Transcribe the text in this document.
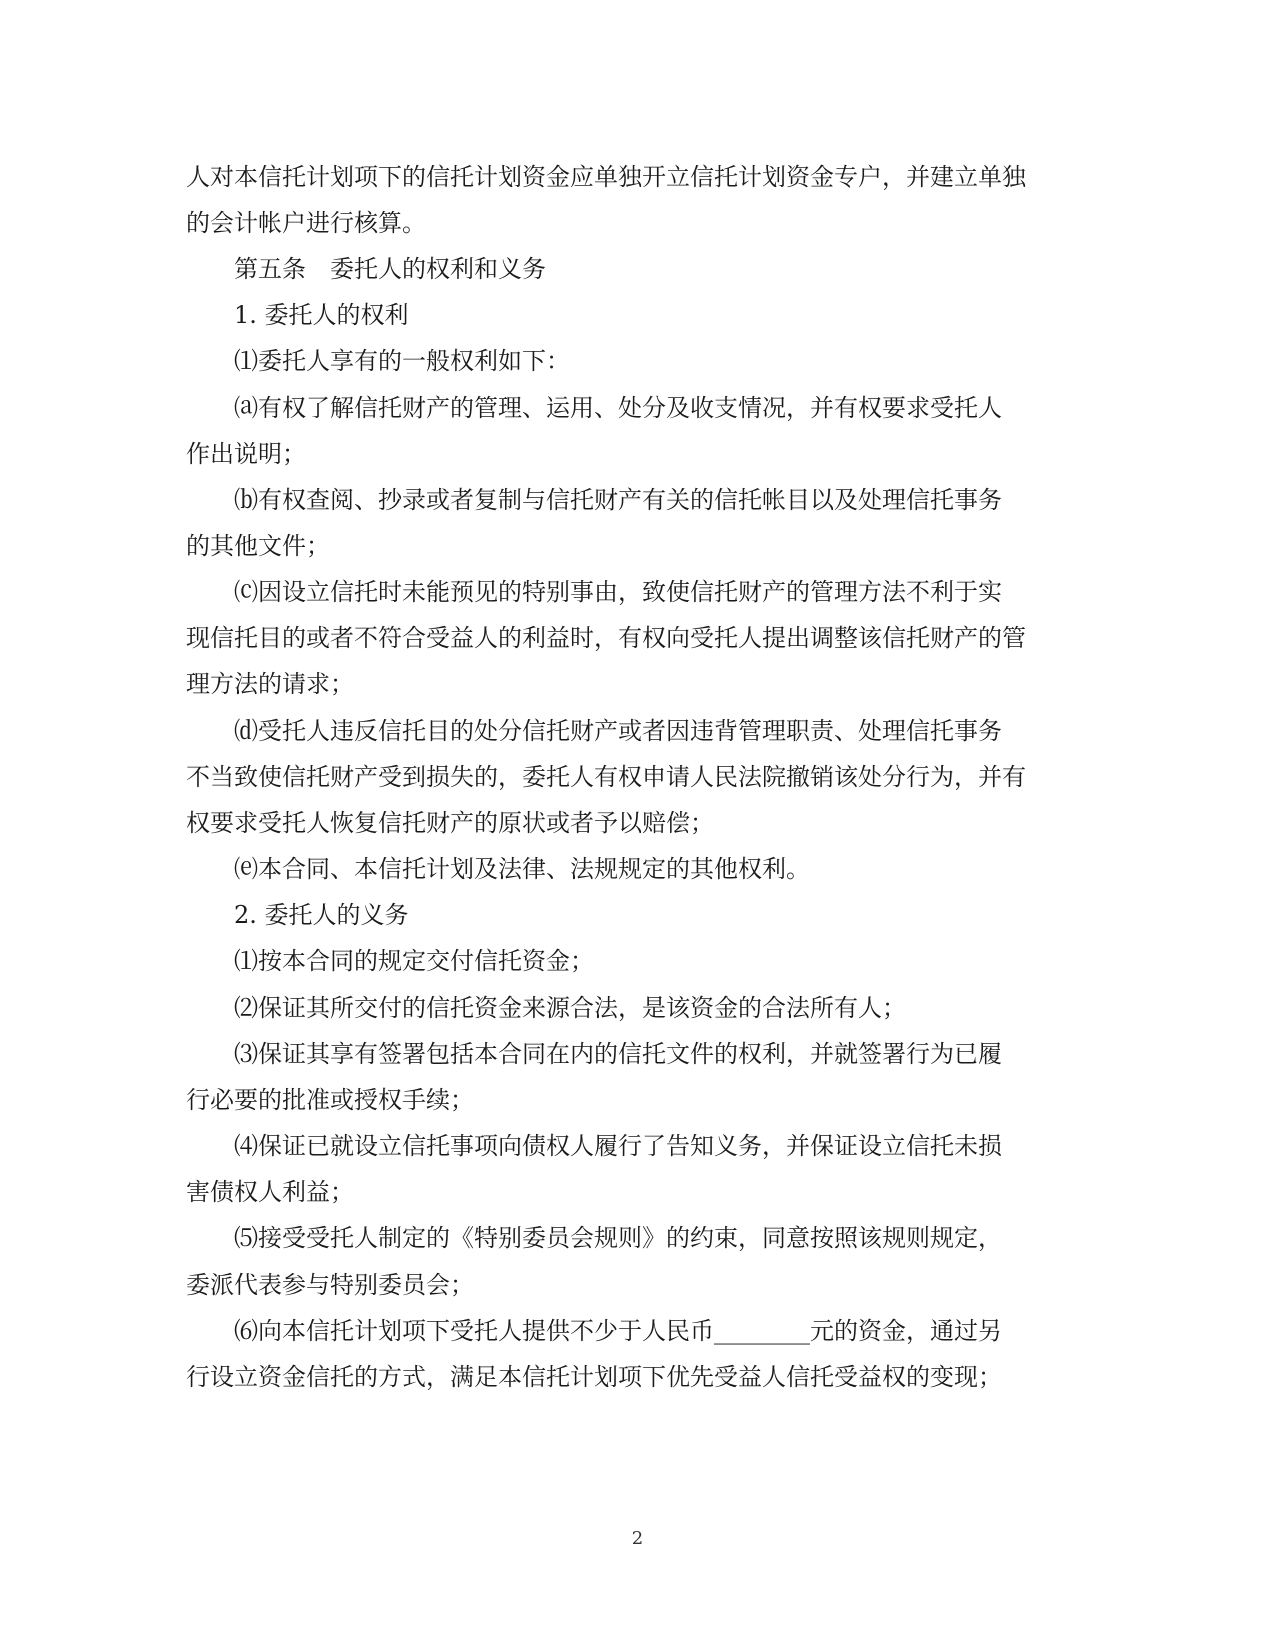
人对本信托计划项下的信托计划资金应单独开立信托计划资金专户，并建立单独
的会计帐户进行核算。
第五条　委托人的权利和义务
1. 委托人的权利
⑴委托人享有的一般权利如下：
⒜有权了解信托财产的管理、运用、处分及收支情况，并有权要求受托人
作出说明；
⒝有权查阅、抄录或者复制与信托财产有关的信托帐目以及处理信托事务
的其他文件；
⒞因设立信托时未能预见的特别事由，致使信托财产的管理方法不利于实
现信托目的或者不符合受益人的利益时，有权向受托人提出调整该信托财产的管
理方法的请求；
⒟受托人违反信托目的处分信托财产或者因违背管理职责、处理信托事务
不当致使信托财产受到损失的，委托人有权申请人民法院撤销该处分行为，并有
权要求受托人恢复信托财产的原状或者予以赔偿；
⒠本合同、本信托计划及法律、法规规定的其他权利。
2. 委托人的义务
⑴按本合同的规定交付信托资金；
⑵保证其所交付的信托资金来源合法，是该资金的合法所有人；
⑶保证其享有签署包括本合同在内的信托文件的权利，并就签署行为已履
行必要的批准或授权手续；
⑷保证已就设立信托事项向债权人履行了告知义务，并保证设立信托未损
害债权人利益；
⑸接受受托人制定的《特别委员会规则》的约束，同意按照该规则规定，
委派代表参与特别委员会；
⑹向本信托计划项下受托人提供不少于人民币________元的资金，通过另
行设立资金信托的方式，满足本信托计划项下优先受益人信托受益权的变现；
2
